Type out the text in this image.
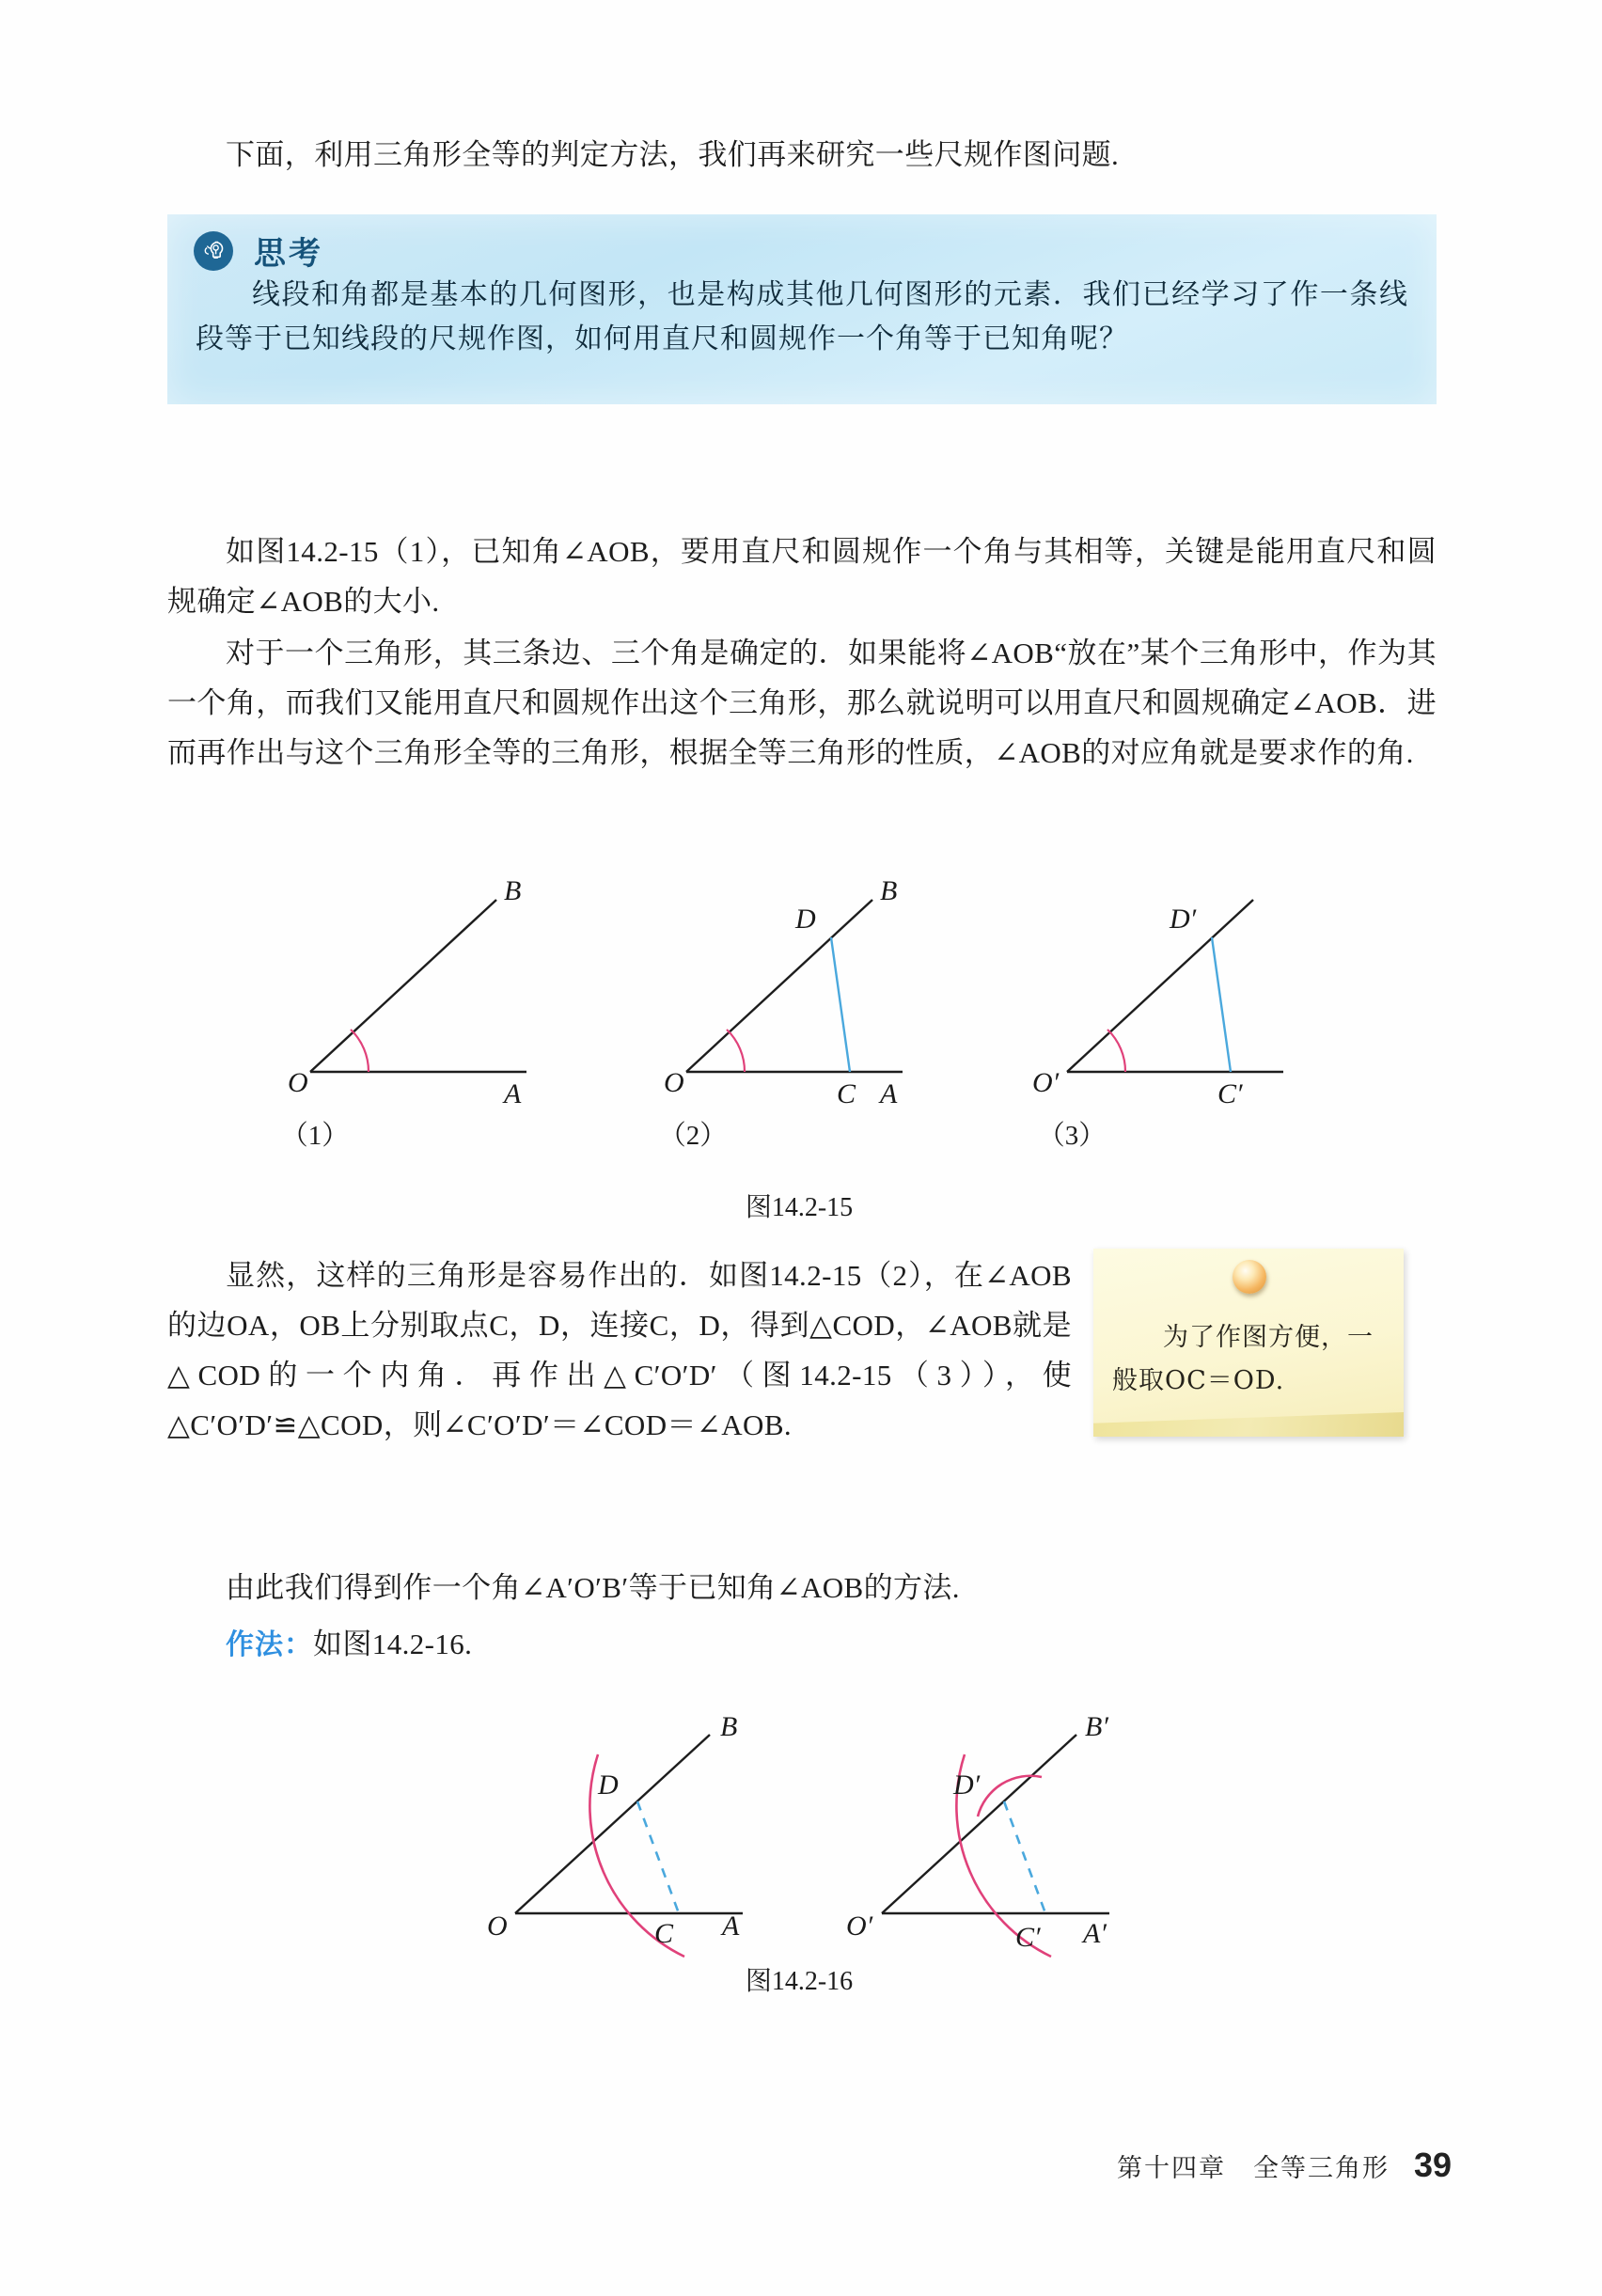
下面，利用三角形全等的判定方法，我们再来研究一些尺规作图问题.
思考
线段和角都是基本的几何图形，也是构成其他几何图形的元素．我们已经学习了作一条线段等于已知线段的尺规作图，如何用直尺和圆规作一个角等于已知角呢？
如图14.2-15（1），已知角∠AOB，要用直尺和圆规作一个角与其相等，关键是能用直尺和圆规确定∠AOB的大小.
对于一个三角形，其三条边、三个角是确定的．如果能将∠AOB“放在”某个三角形中，作为其一个角，而我们又能用直尺和圆规作出这个三角形，那么就说明可以用直尺和圆规确定∠AOB．进而再作出与这个三角形全等的三角形，根据全等三角形的性质，∠AOB的对应角就是要求作的角.
O	A
B
O	A
B
C
D
O′	C′
D′
（1）	（2）	（3）
图14.2-15
显然，这样的三角形是容易作出的．如图14.2-15（2），在∠AOB的边OA，OB上分别取点C，D，连接C，D，得到△COD，∠AOB就是△COD的一个内角．再作出△C′O′D′（图14.2-15（3）），使△C′O′D′≌△COD，则∠C′O′D′＝∠COD＝∠AOB.
为了作图方便，一般取OC＝OD.
由此我们得到作一个角∠A′O′B′等于已知角∠AOB的方法.
作法：如图14.2-16.
O	A
B
C
D
O′	A′
B′
C′
D′
图14.2-16
第十四章　全等三角形 39
